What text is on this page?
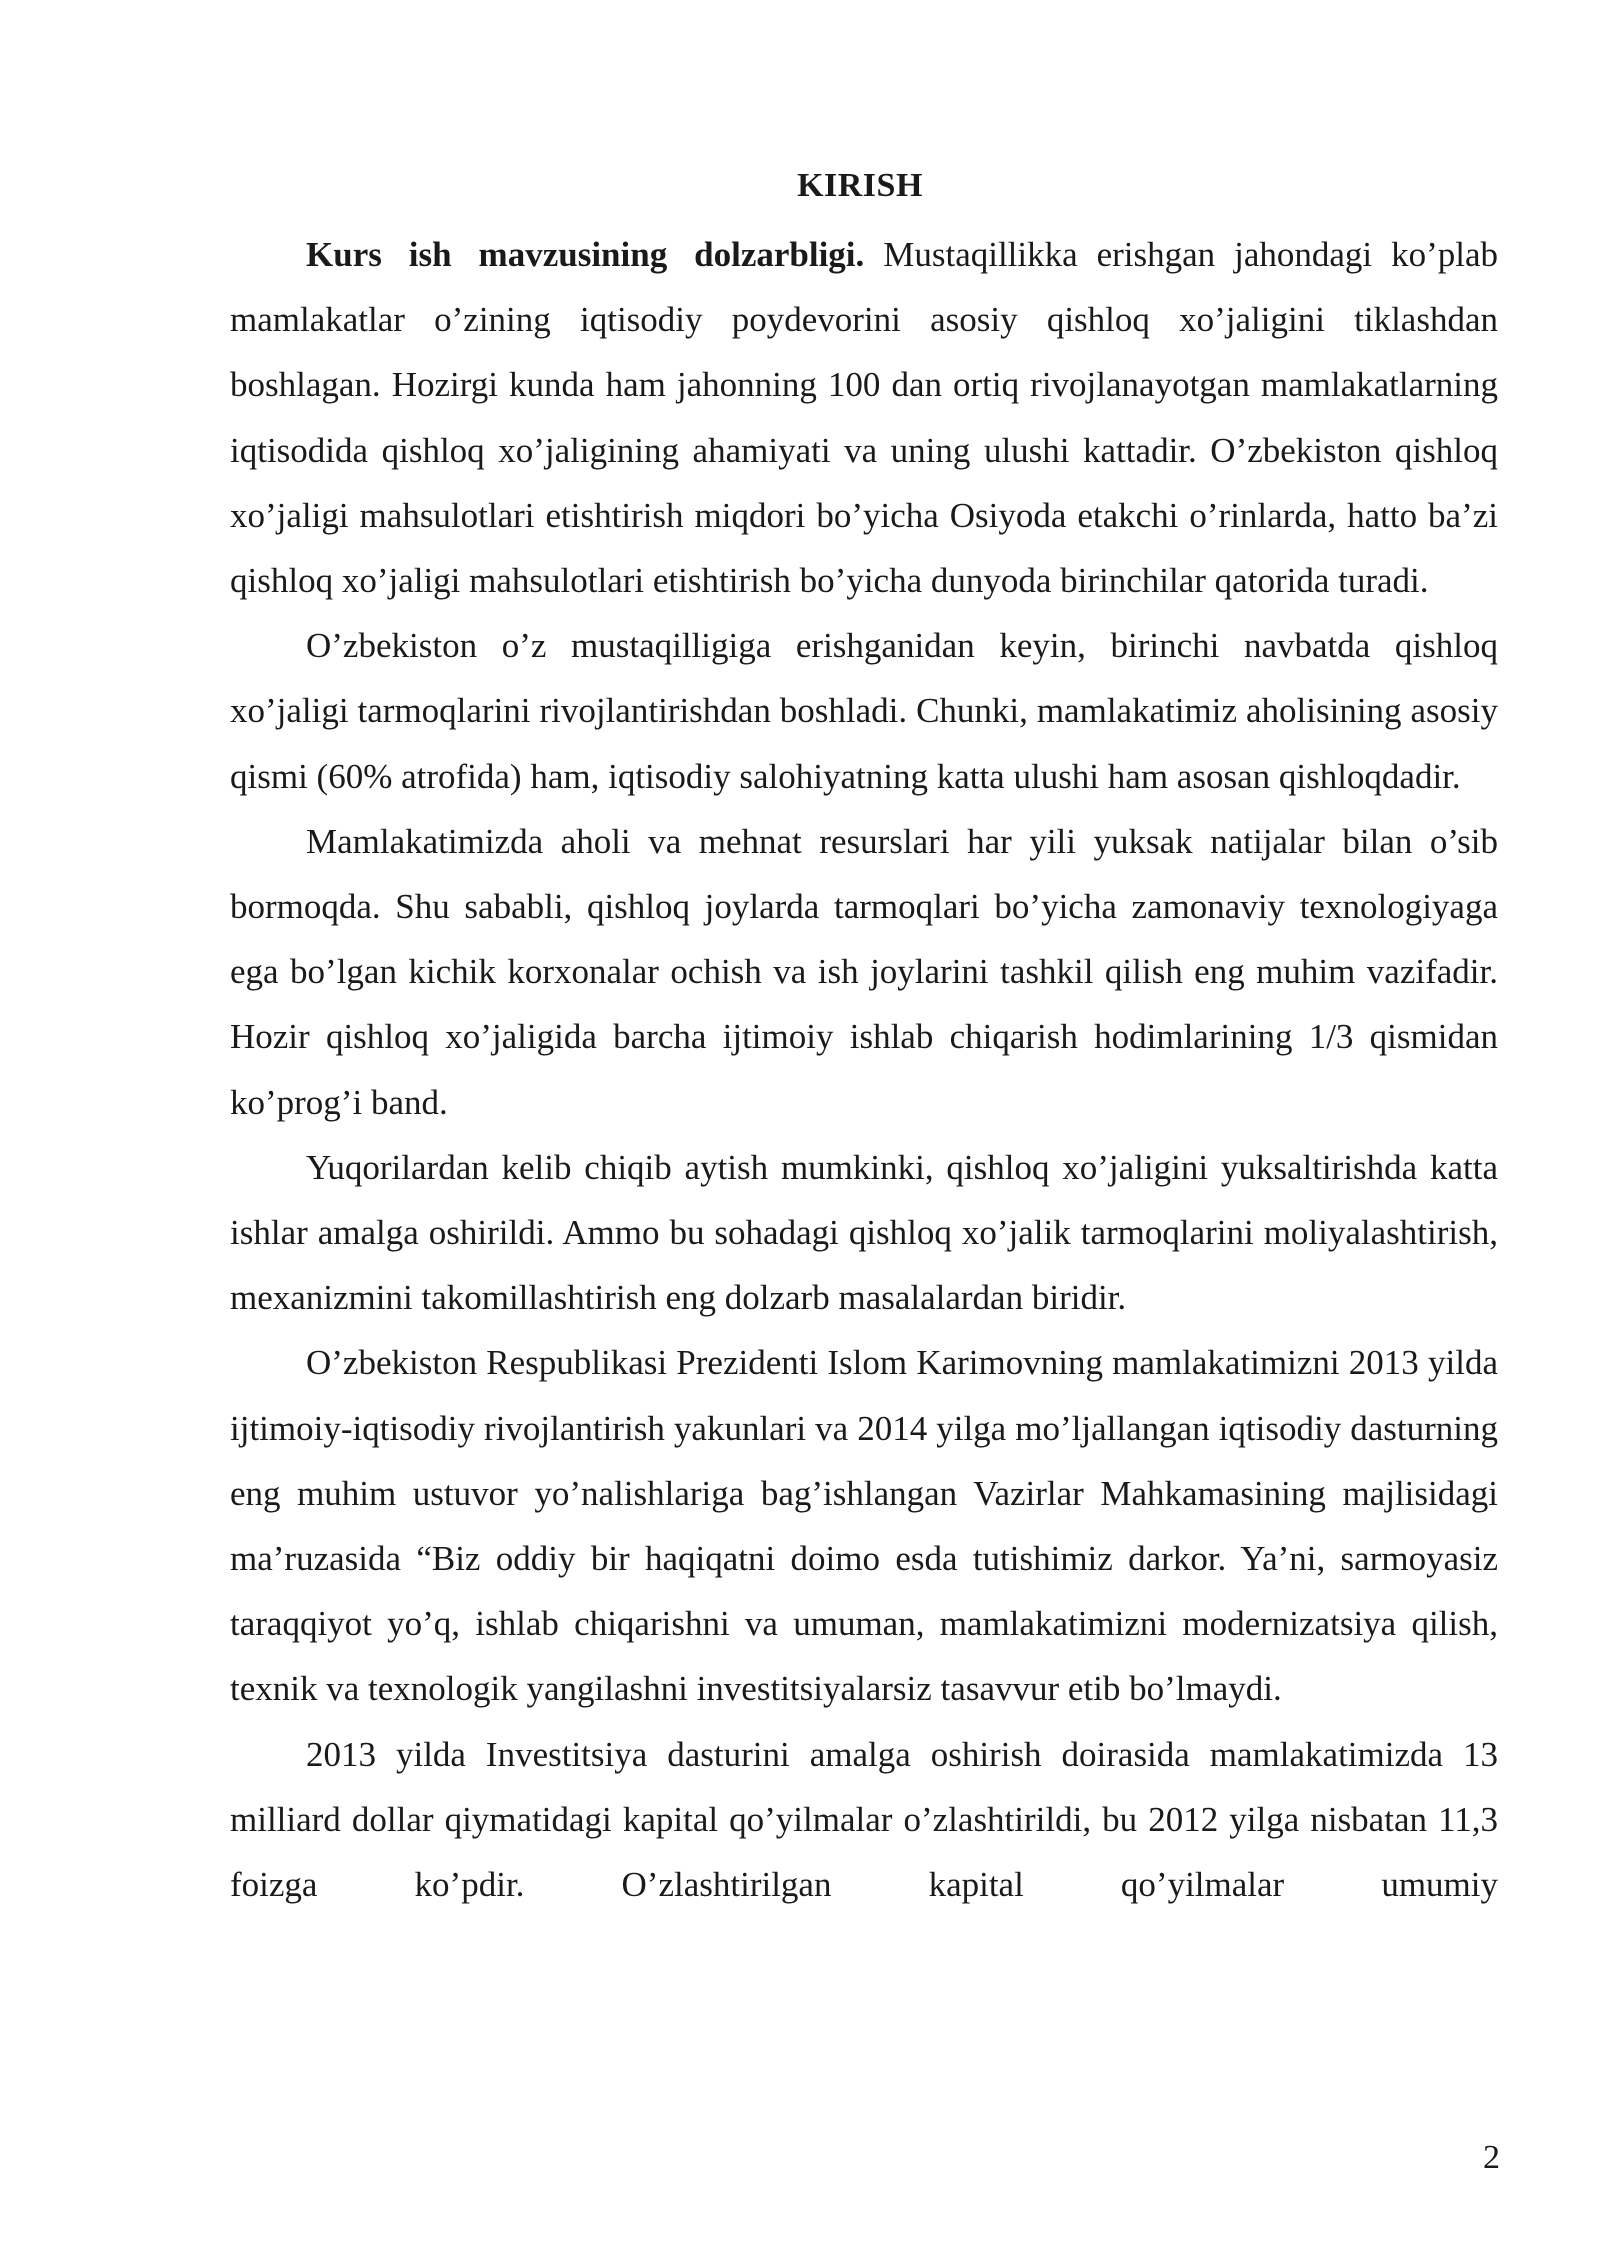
KIRISH

Kurs ish mavzusining dolzarbligi. Mustaqillikka erishgan jahondagi ko’plab mamlakatlar o’zining iqtisodiy poydevorini asosiy qishloq xo’jaligini tiklashdan boshlagan. Hozirgi kunda ham jahonning 100 dan ortiq rivojlanayotgan mamlakatlarning iqtisodida qishloq xo’jaligining ahamiyati va uning ulushi kattadir. O’zbekiston qishloq xo’jaligi mahsulotlari etishtirish miqdori bo’yicha Osiyoda etakchi o’rinlarda, hatto ba’zi qishloq xo’jaligi mahsulotlari etishtirish bo’yicha dunyoda birinchilar qatorida turadi.

O’zbekiston o’z mustaqilligiga erishganidan keyin, birinchi navbatda qishloq xo’jaligi tarmoqlarini rivojlantirishdan boshladi. Chunki, mamlakatimiz aholisining asosiy qismi (60% atrofida) ham, iqtisodiy salohiyatning katta ulushi ham asosan qishloqdadir.

Mamlakatimizda aholi va mehnat resurslari har yili yuksak natijalar bilan o’sib bormoqda. Shu sababli, qishloq joylarda tarmoqlari bo’yicha zamonaviy texnologiyaga ega bo’lgan kichik korxonalar ochish va ish joylarini tashkil qilish eng muhim vazifadir. Hozir qishloq xo’jaligida barcha ijtimoiy ishlab chiqarish hodimlarining 1/3 qismidan ko’prog’i band.

Yuqorilardan kelib chiqib aytish mumkinki, qishloq xo’jaligini yuksaltirishda katta ishlar amalga oshirildi. Ammo bu sohadagi qishloq xo’jalik tarmoqlarini moliyalashtirish, mexanizmini takomillashtirish eng dolzarb masalalardan biridir.

O’zbekiston Respublikasi Prezidenti Islom Karimovning mamlakatimizni 2013 yilda ijtimoiy-iqtisodiy rivojlantirish yakunlari va 2014 yilga mo’ljallangan iqtisodiy dasturning eng muhim ustuvor yo’nalishlariga bag’ishlangan Vazirlar Mahkamasining majlisidagi ma’ruzasida “Biz oddiy bir haqiqatni doimo esda tutishimiz darkor. Ya’ni, sarmoyasiz taraqqiyot yo’q, ishlab chiqarishni va umuman, mamlakatimizni modernizatsiya qilish, texnik va texnologik yangilashni investitsiyalarsiz tasavvur etib bo’lmaydi.

2013 yilda Investitsiya dasturini amalga oshirish doirasida mamlakatimizda 13 milliard dollar qiymatidagi kapital qo’yilmalar o’zlashtirildi, bu 2012 yilga nisbatan 11,3 foizga ko’pdir. O’zlashtirilgan kapital qo’yilmalar umumiy

2
